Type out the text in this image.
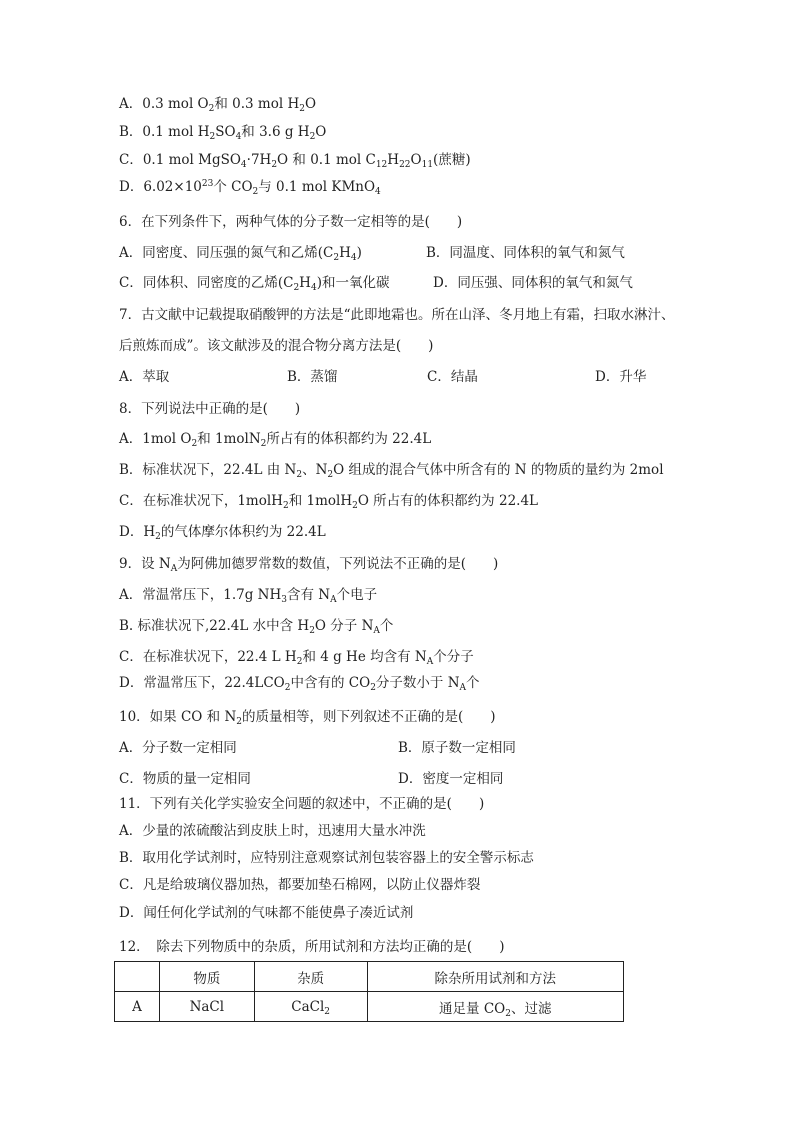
A．0.3 mol $O_2$和 0.3 mol $H_2O$
B．0.1 mol $H_2SO_4$和 3.6 g $H_2O$
C．0.1 mol $MgSO_4\cdot 7H_2O$ 和 0.1 mol $C_{12}H_{22}O_{11}$(蔗糖)
D．$6.02\times 10^{23}$个 $CO_2$与 0.1 mol KMnO$_4$
6．在下列条件下，两种气体的分子数一定相等的是(　　)
A．同密度、同压强的氮气和乙烯$(C_2H_4)$	B．同温度、同体积的氧气和氮气
C．同体积、同密度的乙烯$(C_2H_4)$和一氧化碳	D．同压强、同体积的氧气和氮气
7．古文献中记载提取硝酸钾的方法是“此即地霜也。所在山泽、冬月地上有霜，扫取水淋汁、
后煎炼而成”。该文献涉及的混合物分离方法是(　　)
A．萃取	B．蒸馏	C．结晶	D．升华
8．下列说法中正确的是(　　)
A．1mol $O_2$和 1molN$_2$所占有的体积都约为 22.4L
B．标准状况下，22.4L 由 $N_2$、$N_2O$ 组成的混合气体中所含有的 N 的物质的量约为 2mol
C．在标准状况下，1molH$_2$和 1molH$_2$O 所占有的体积都约为 22.4L
D．$H_2$的气体摩尔体积约为 22.4L
9．设 $N_A$为阿佛加德罗常数的数值，下列说法不正确的是(　　)
A．常温常压下，1.7g $NH_3$含有 $N_A$个电子
B. 标准状况下,22.4L 水中含 $H_2O$ 分子 $N_A$个
C．在标准状况下，22.4 L $H_2$和 4 g He 均含有 $N_A$个分子
D．常温常压下，$22.4LCO_2$中含有的 $CO_2$分子数小于 $N_A$个
10．如果 CO 和 $N_2$的质量相等，则下列叙述不正确的是(　　)
A．分子数一定相同	B．原子数一定相同
C．物质的量一定相同	D．密度一定相同
11．下列有关化学实验安全问题的叙述中，不正确的是(　　)
A．少量的浓硫酸沾到皮肤上时，迅速用大量水冲洗
B．取用化学试剂时，应特别注意观察试剂包装容器上的安全警示标志
C．凡是给玻璃仪器加热，都要加垫石棉网，以防止仪器炸裂
D．闻任何化学试剂的气味都不能使鼻子凑近试剂
12．　除去下列物质中的杂质，所用试剂和方法均正确的是(　　)
	物质	杂质	除杂所用试剂和方法
A	NaCl	CaCl$_2$	通足量 $CO_2$、过滤
